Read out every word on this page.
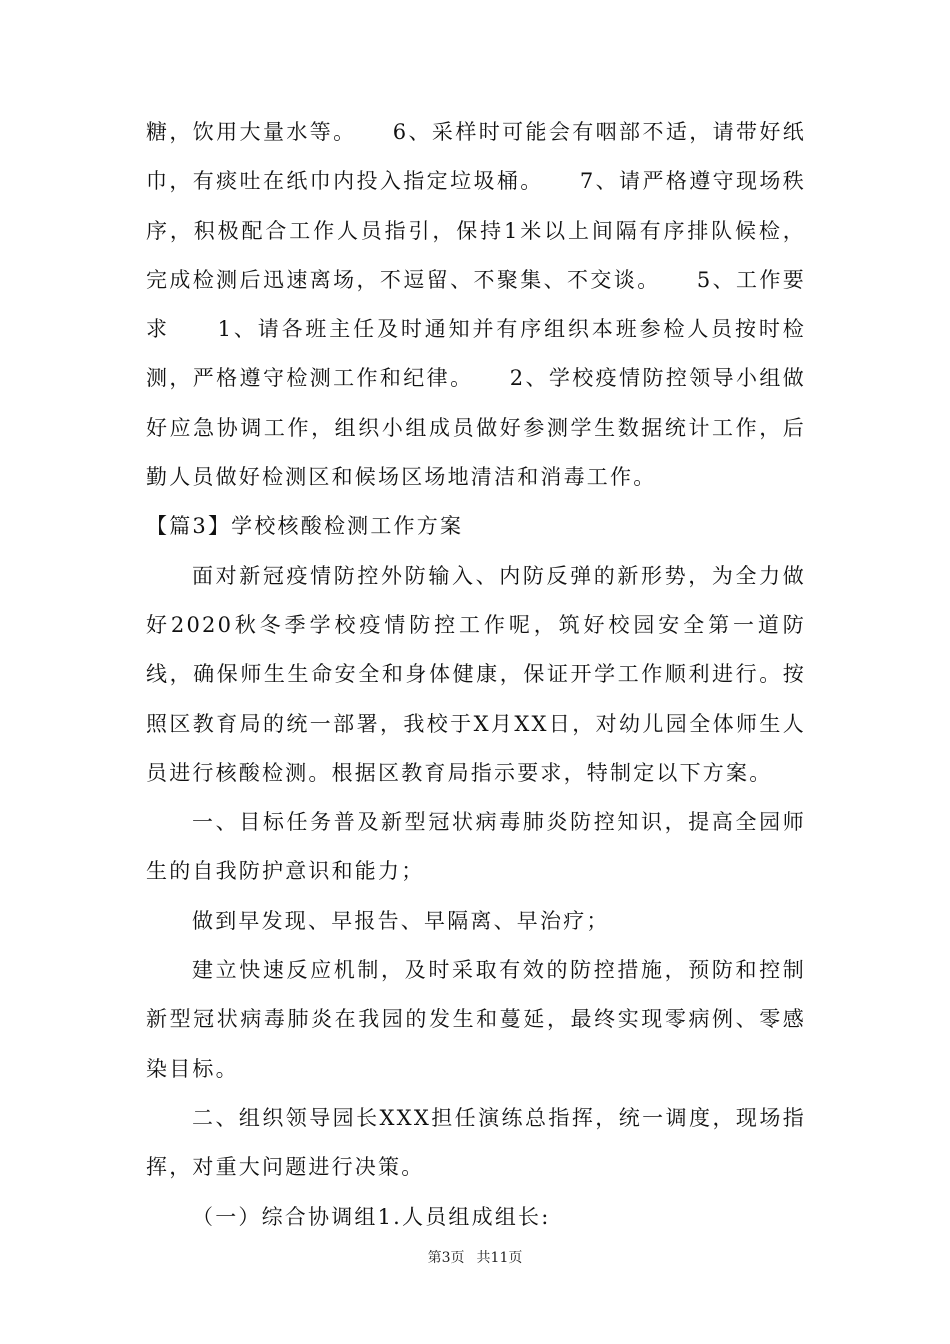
糖，饮用大量水等。　　6、采样时可能会有咽部不适，请带好纸巾，有痰吐在纸巾内投入指定垃圾桶。　　7、请严格遵守现场秩序，积极配合工作人员指引，保持1米以上间隔有序排队候检，完成检测后迅速离场，不逗留、不聚集、不交谈。　　5、工作要求　　1、请各班主任及时通知并有序组织本班参检人员按时检测，严格遵守检测工作和纪律。　　2、学校疫情防控领导小组做好应急协调工作，组织小组成员做好参测学生数据统计工作，后勤人员做好检测区和候场区场地清洁和消毒工作。

【篇3】学校核酸检测工作方案

面对新冠疫情防控外防输入、内防反弹的新形势，为全力做好2020秋冬季学校疫情防控工作呢，筑好校园安全第一道防线，确保师生生命安全和身体健康，保证开学工作顺利进行。按照区教育局的统一部署，我校于X月XX日，对幼儿园全体师生人员进行核酸检测。根据区教育局指示要求，特制定以下方案。

一、目标任务普及新型冠状病毒肺炎防控知识，提高全园师生的自我防护意识和能力；

做到早发现、早报告、早隔离、早治疗；

建立快速反应机制，及时采取有效的防控措施，预防和控制新型冠状病毒肺炎在我园的发生和蔓延，最终实现零病例、零感染目标。

二、组织领导园长XXX担任演练总指挥，统一调度，现场指挥，对重大问题进行决策。

（一）综合协调组1.人员组成组长:

第3页 共11页
